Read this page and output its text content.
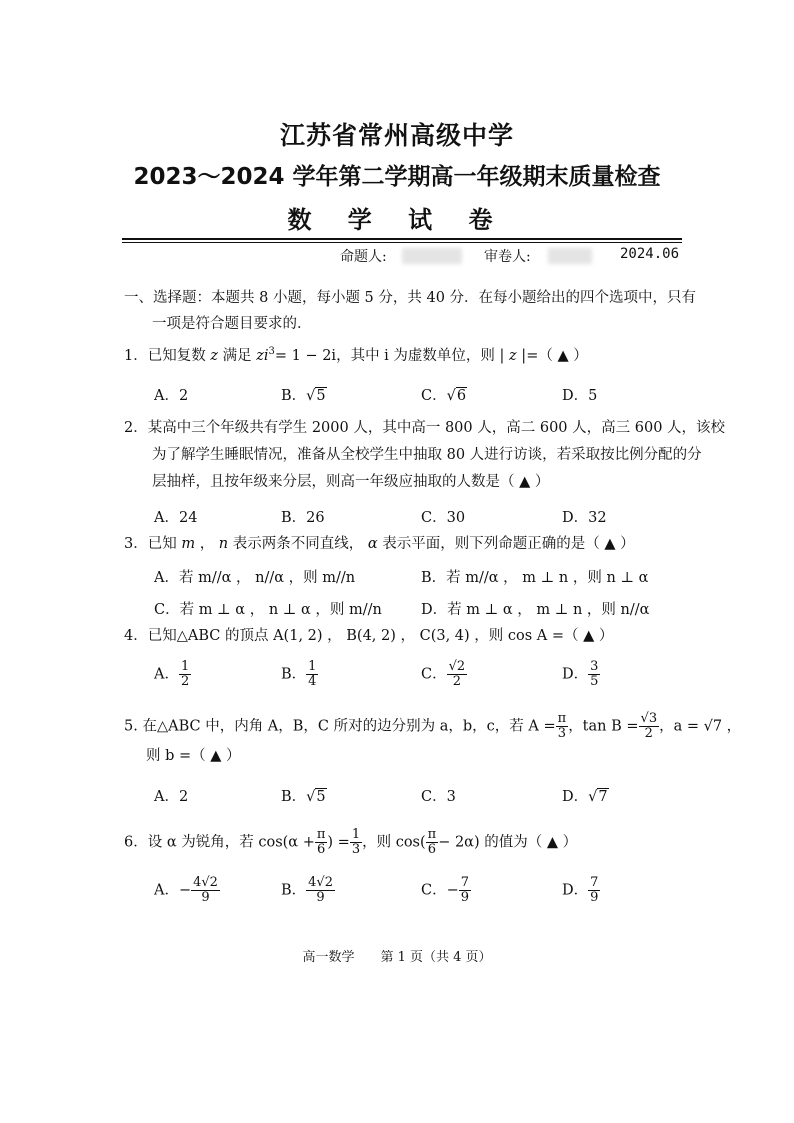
江苏省常州高级中学
2023～2024 学年第二学期高一年级期末质量检查
数 学 试 卷
命题人:	审卷人:	2024.06
一、选择题：本题共 8 小题，每小题 5 分，共 40 分．在每小题给出的四个选项中，只有
一项是符合题目要求的．
1．已知复数 z 满足 $zi^3= 1 - 2i$，其中 i 为虚数单位，则 | z |=（ ▲ ）
A．2	B．√5	C．√6	D．5
2．某高中三个年级共有学生 2000 人，其中高一 800 人，高二 600 人，高三 600 人，该校
为了解学生睡眠情况，准备从全校学生中抽取 80 人进行访谈，若采取按比例分配的分
层抽样，且按年级来分层，则高一年级应抽取的人数是（ ▲ ）
A．24	B．26	C．30	D．32
3．已知 m ， n 表示两条不同直线， α 表示平面，则下列命题正确的是（ ▲ ）
A．若 m//α ， n//α ，则 m//n	B．若 m//α ， m ⊥ n ，则 n ⊥ α
C．若 m ⊥ α ， n ⊥ α ，则 m//n	D．若 m ⊥ α ， m ⊥ n ，则 n//α
4．已知△ABC 的顶点 A(1, 2) ， B(4, 2) ， C(3, 4) ，则 cos A =（ ▲ ）
A． $\frac{1}{2}$	B． $\frac{1}{4}$	C． $\frac{√2}{2}$	D． $\frac{3}{5}$
5. 在△ABC 中，内角 A，B，C 所对的边分别为 a，b，c，若 $A = \frac{\pi}{3}$ ，$\tan B = \frac{√3}{2}$ ，a = √7 ，
则 b =（ ▲ ）
A．2	B．√5	C．3	D．√7
6．设 α 为锐角，若 $\cos(\alpha + \frac{\pi}{6}$ ) = $\frac{1}{3}$ ，则 $\cos( \frac{\pi}{6} - 2\alpha)$ 的值为（ ▲ ）
A．− $\frac{4√2}{9}$	B． $\frac{4√2}{9}$	C．− $\frac{7}{9}$	D． $\frac{7}{9}$
高一数学　　第 1 页（共 4 页）
